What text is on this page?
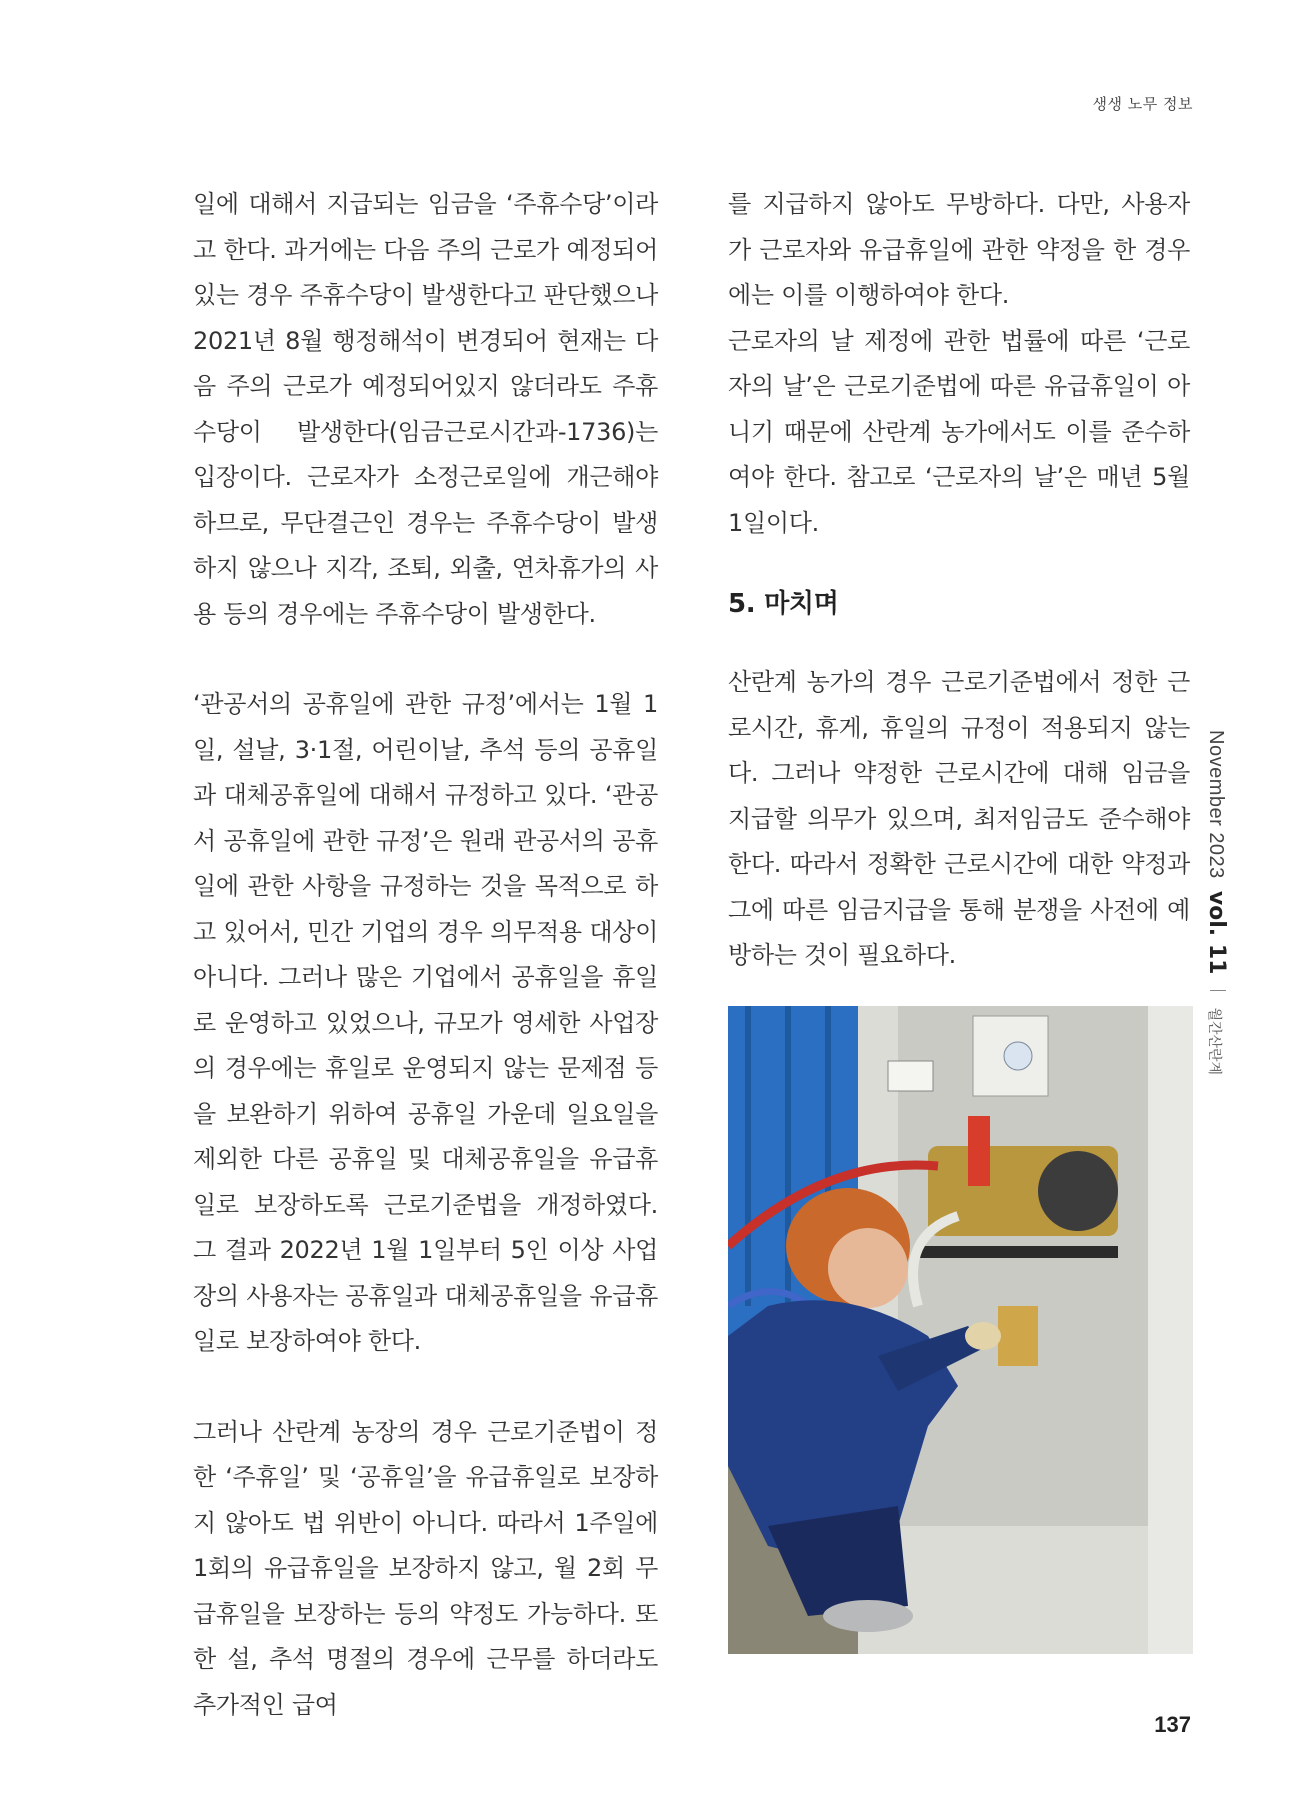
생생 노무 정보

일에 대해서 지급되는 임금을 ‘주휴수당’이라고 한다. 과거에는 다음 주의 근로가 예정되어 있는 경우 주휴수당이 발생한다고 판단했으나 2021년 8월 행정해석이 변경되어 현재는 다음 주의 근로가 예정되어있지 않더라도 주휴수당이 발생한다(임금근로시간과-1736)는 입장이다. 근로자가 소정근로일에 개근해야 하므로, 무단결근인 경우는 주휴수당이 발생하지 않으나 지각, 조퇴, 외출, 연차휴가의 사용 등의 경우에는 주휴수당이 발생한다.

‘관공서의 공휴일에 관한 규정’에서는 1월 1일, 설날, 3·1절, 어린이날, 추석 등의 공휴일과 대체공휴일에 대해서 규정하고 있다. ‘관공서 공휴일에 관한 규정’은 원래 관공서의 공휴일에 관한 사항을 규정하는 것을 목적으로 하고 있어서, 민간 기업의 경우 의무적용 대상이 아니다. 그러나 많은 기업에서 공휴일을 휴일로 운영하고 있었으나, 규모가 영세한 사업장의 경우에는 휴일로 운영되지 않는 문제점 등을 보완하기 위하여 공휴일 가운데 일요일을 제외한 다른 공휴일 및 대체공휴일을 유급휴일로 보장하도록 근로기준법을 개정하였다. 그 결과 2022년 1월 1일부터 5인 이상 사업장의 사용자는 공휴일과 대체공휴일을 유급휴일로 보장하여야 한다.

그러나 산란계 농장의 경우 근로기준법이 정한 ‘주휴일’ 및 ‘공휴일’을 유급휴일로 보장하지 않아도 법 위반이 아니다. 따라서 1주일에 1회의 유급휴일을 보장하지 않고, 월 2회 무급휴일을 보장하는 등의 약정도 가능하다. 또한 설, 추석 명절의 경우에 근무를 하더라도 추가적인 급여

를 지급하지 않아도 무방하다. 다만, 사용자가 근로자와 유급휴일에 관한 약정을 한 경우에는 이를 이행하여야 한다.

근로자의 날 제정에 관한 법률에 따른 ‘근로자의 날’은 근로기준법에 따른 유급휴일이 아니기 때문에 산란계 농가에서도 이를 준수하여야 한다. 참고로 ‘근로자의 날’은 매년 5월 1일이다.

5. 마치며

산란계 농가의 경우 근로기준법에서 정한 근로시간, 휴게, 휴일의 규정이 적용되지 않는다. 그러나 약정한 근로시간에 대해 임금을 지급할 의무가 있으며, 최저임금도 준수해야 한다. 따라서 정확한 근로시간에 대한 약정과 그에 따른 임금지급을 통해 분쟁을 사전에 예방하는 것이 필요하다.

November 2023
vol. 11
월간산란계
137
